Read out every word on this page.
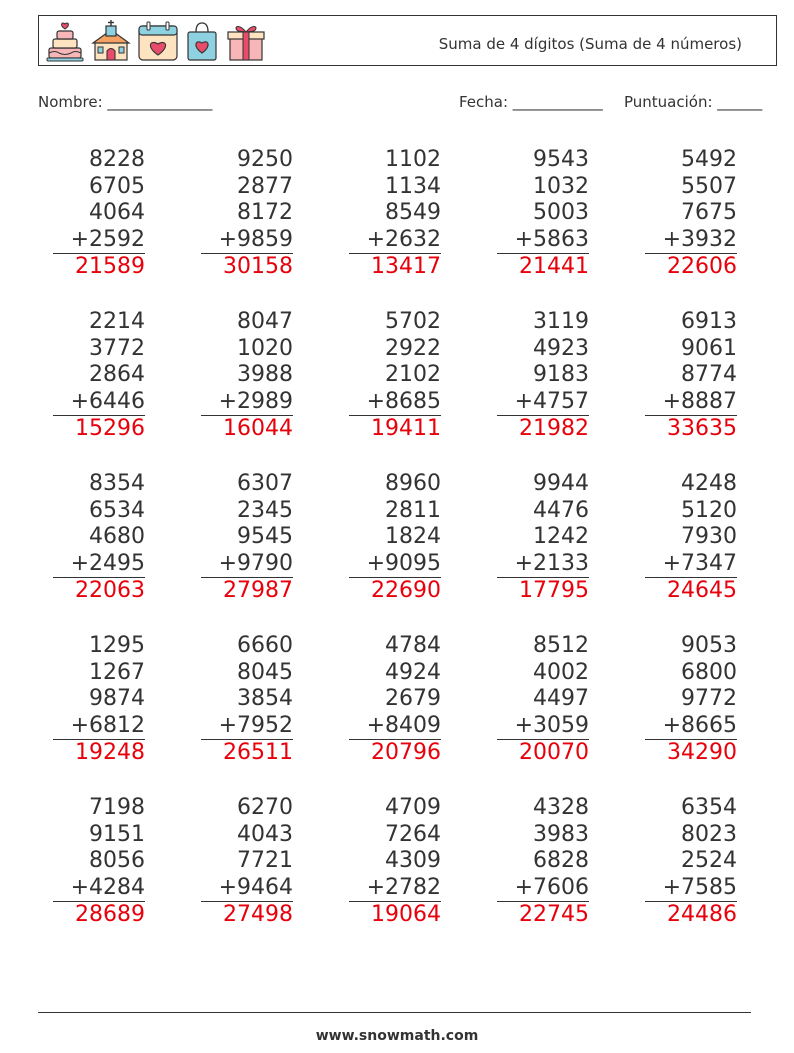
Suma de 4 dígitos (Suma de 4 números)
Nombre: ______________	Fecha: ____________ Puntuación: ______
8228
6705
4064
+2592
21589
9250
2877
8172
+9859
30158
1102
1134
8549
+2632
13417
9543
1032
5003
+5863
21441
5492
5507
7675
+3932
22606
2214
3772
2864
+6446
15296
8047
1020
3988
+2989
16044
5702
2922
2102
+8685
19411
3119
4923
9183
+4757
21982
6913
9061
8774
+8887
33635
8354
6534
4680
+2495
22063
6307
2345
9545
+9790
27987
8960
2811
1824
+9095
22690
9944
4476
1242
+2133
17795
4248
5120
7930
+7347
24645
1295
1267
9874
+6812
19248
6660
8045
3854
+7952
26511
4784
4924
2679
+8409
20796
8512
4002
4497
+3059
20070
9053
6800
9772
+8665
34290
7198
9151
8056
+4284
28689
6270
4043
7721
+9464
27498
4709
7264
4309
+2782
19064
4328
3983
6828
+7606
22745
6354
8023
2524
+7585
24486
www.snowmath.com
